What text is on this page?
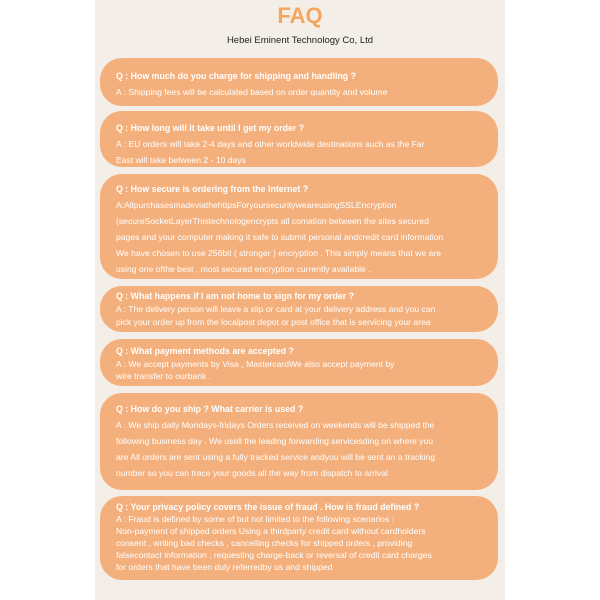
FAQ
Hebei Eminent Technology Co, Ltd
Q : How much do you charge for shipping and handling ?
A : Shipping fees will be calculated based on order quantity and volume
Q : How long will it take until I get my order ?
A : EU orders will take 2-4 days and other worldwide destinations such as the Far
East will take between 2 - 10 days
Q : How secure is ordering from the Internet ?
A:AllpurchasesmadeviathehttpsForyoursecurityweareusingSSLEncryption
(secureSocketLayerThistechnologencrypts all comation between the sites secured
pages and your computer making it safe to submit personal andcredit card information
We have chosen to use 256bit ( stronger ) encryption . This simply means that we are
using one ofthe best , most secured encryption currently available .
Q : What happens if I am not home to sign for my order ?
A : The delivery person will leave a slip or card at your delivery address and you can
pick your order up from the localpost depot or post office that is servicing your area
Q : What payment methods are accepted ?
A : We accept payments by Visa , MastercardWe also accept payment by
wire transfer to ourbank .
Q : How do you ship ? What carrier is used ?
A : We ship daily Mondays-fridays Orders received on weekends will be shipped the
following business day . We usell the leading forwarding servicesding on where you
are All orders are sent using a fully tracked service andyou will be sent an a tracking
number so you can trace your goods all the way from dispatch to arrival
Q : Your privacy policy covers the issue of fraud . How is fraud defined ?
A : Fraud is defined by some of but not limited to the following scenarios :
Non-payment of shipped orders Using a thirdparty credit card without cardholders
consent , writing bad checks , cancelling checks for shipped orders , providing
falsecontact information , requesting charge-back or reversal of credit card charges
for orders that have been duly referredby us and shipped
